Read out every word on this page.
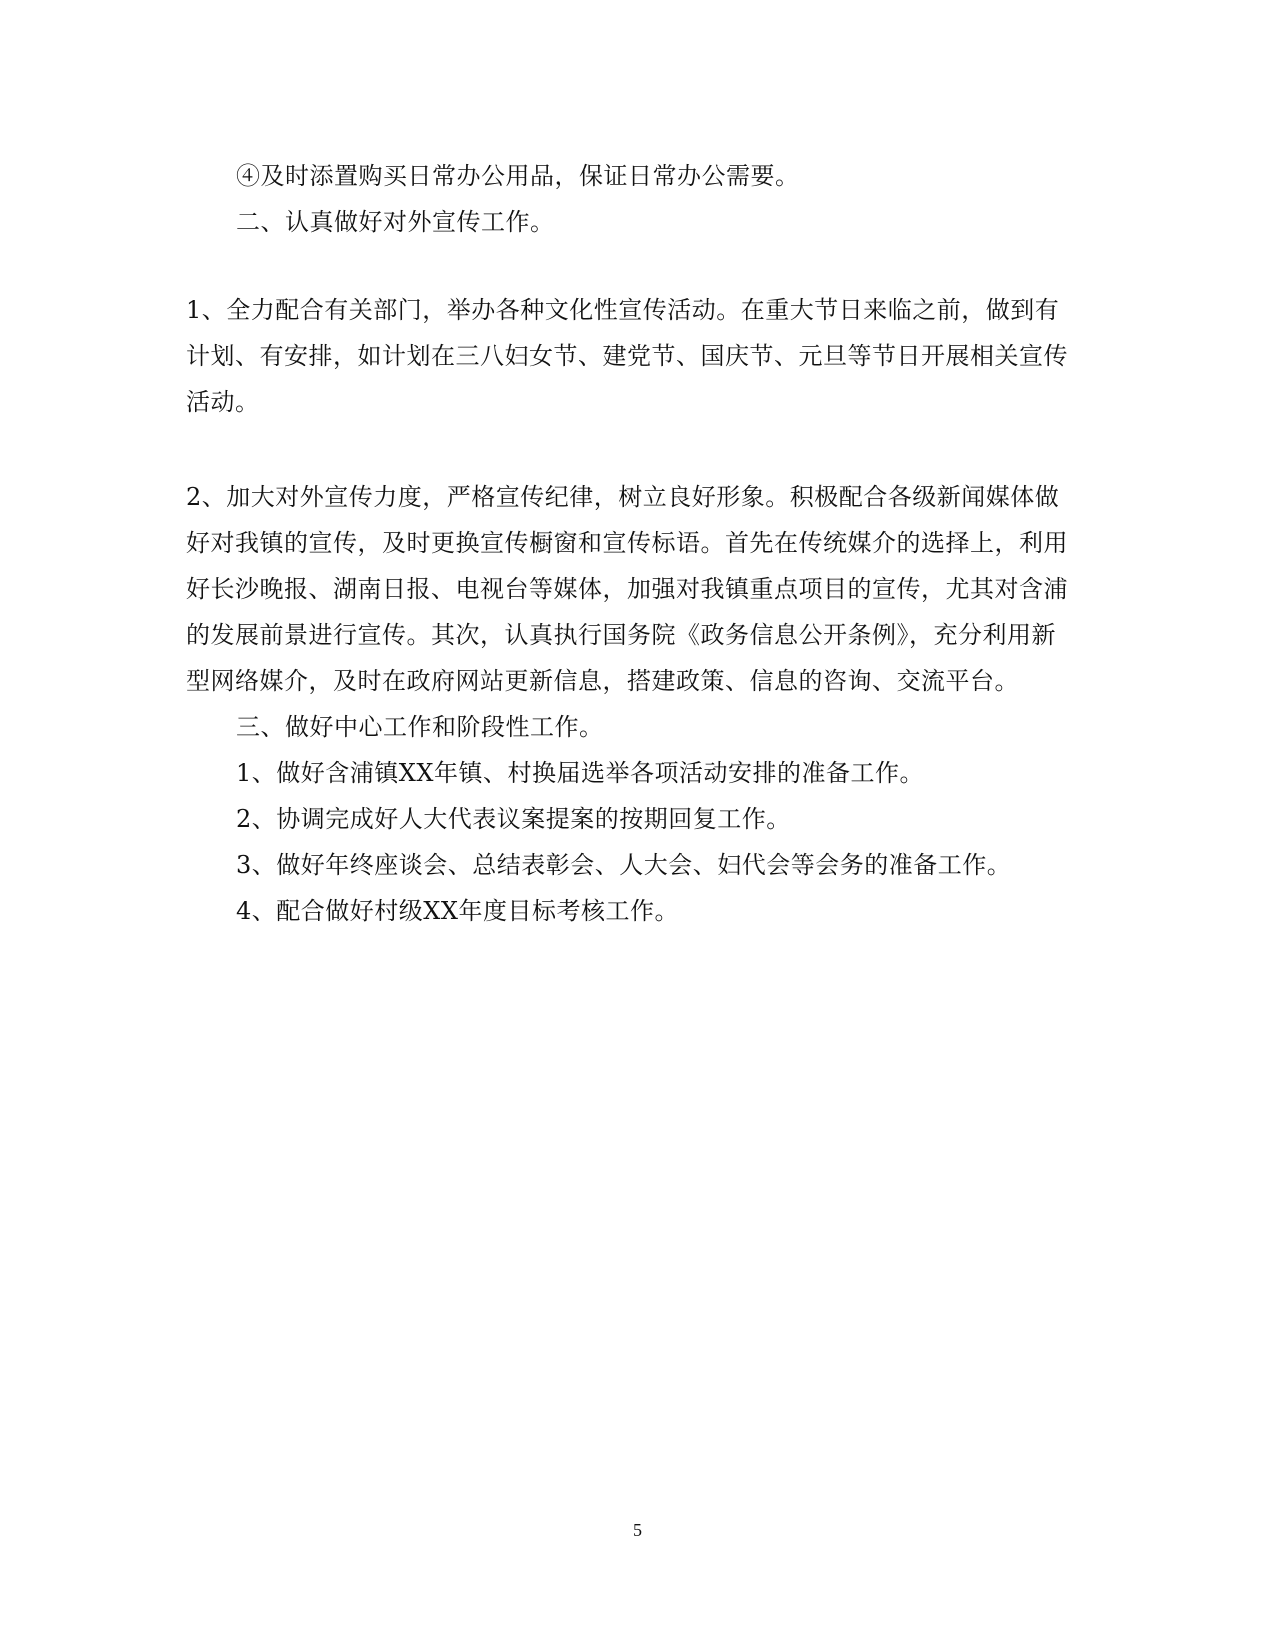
④及时添置购买日常办公用品，保证日常办公需要。
二、认真做好对外宣传工作。
1、全力配合有关部门，举办各种文化性宣传活动。在重大节日来临之前，做到有
计划、有安排，如计划在三八妇女节、建党节、国庆节、元旦等节日开展相关宣传
活动。
2、加大对外宣传力度，严格宣传纪律，树立良好形象。积极配合各级新闻媒体做
好对我镇的宣传，及时更换宣传橱窗和宣传标语。首先在传统媒介的选择上，利用
好长沙晚报、湖南日报、电视台等媒体，加强对我镇重点项目的宣传，尤其对含浦
的发展前景进行宣传。其次，认真执行国务院《政务信息公开条例》，充分利用新
型网络媒介，及时在政府网站更新信息，搭建政策、信息的咨询、交流平台。
三、做好中心工作和阶段性工作。
1、做好含浦镇XX年镇、村换届选举各项活动安排的准备工作。
2、协调完成好人大代表议案提案的按期回复工作。
3、做好年终座谈会、总结表彰会、人大会、妇代会等会务的准备工作。
4、配合做好村级XX年度目标考核工作。
5
